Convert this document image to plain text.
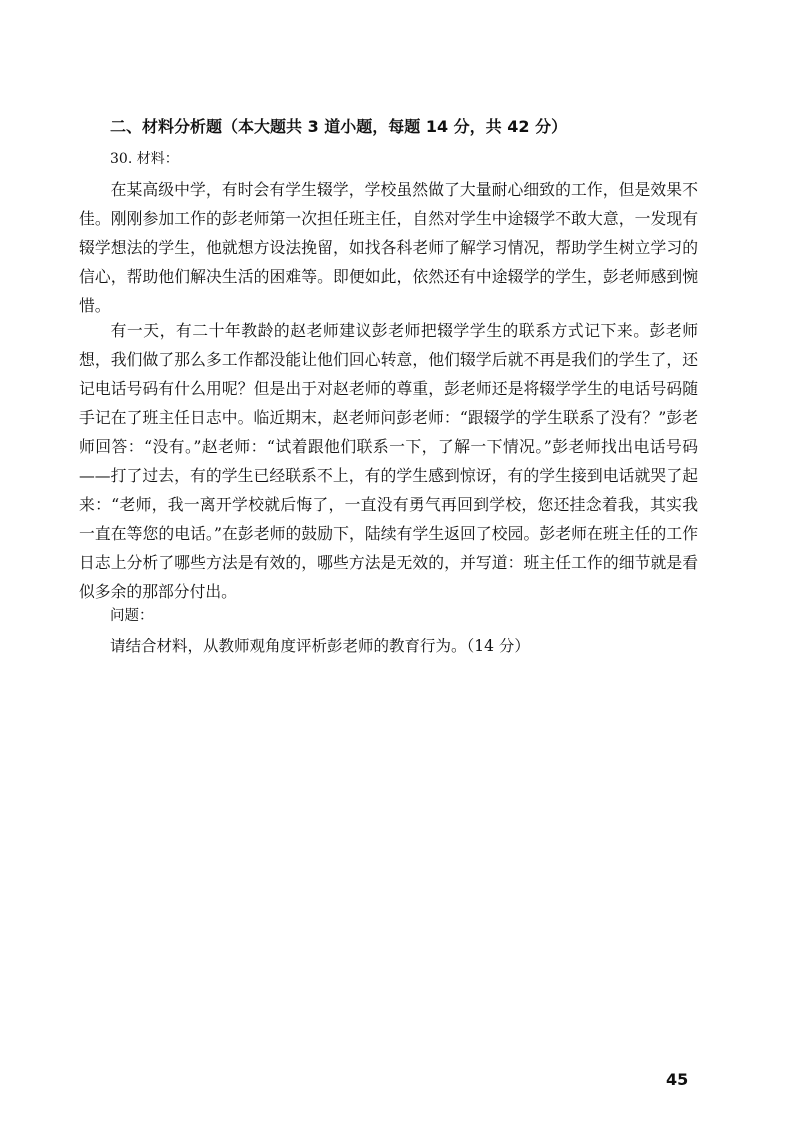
二、材料分析题（本大题共 3 道小题，每题 14 分，共 42 分）

30. 材料：

在某高级中学，有时会有学生辍学，学校虽然做了大量耐心细致的工作，但是效果不佳。刚刚参加工作的彭老师第一次担任班主任，自然对学生中途辍学不敢大意，一发现有辍学想法的学生，他就想方设法挽留，如找各科老师了解学习情况，帮助学生树立学习的信心，帮助他们解决生活的困难等。即便如此，依然还有中途辍学的学生，彭老师感到惋惜。

有一天，有二十年教龄的赵老师建议彭老师把辍学学生的联系方式记下来。彭老师想，我们做了那么多工作都没能让他们回心转意，他们辍学后就不再是我们的学生了，还记电话号码有什么用呢？但是出于对赵老师的尊重，彭老师还是将辍学学生的电话号码随手记在了班主任日志中。临近期末，赵老师问彭老师：“跟辍学的学生联系了没有？”彭老师回答：“没有。”赵老师：“试着跟他们联系一下，了解一下情况。”彭老师找出电话号码——打了过去，有的学生已经联系不上，有的学生感到惊讶，有的学生接到电话就哭了起来：“老师，我一离开学校就后悔了，一直没有勇气再回到学校，您还挂念着我，其实我一直在等您的电话。”在彭老师的鼓励下，陆续有学生返回了校园。彭老师在班主任的工作日志上分析了哪些方法是有效的，哪些方法是无效的，并写道：班主任工作的细节就是看似多余的那部分付出。

问题：

请结合材料，从教师观角度评析彭老师的教育行为。（14 分）

45
